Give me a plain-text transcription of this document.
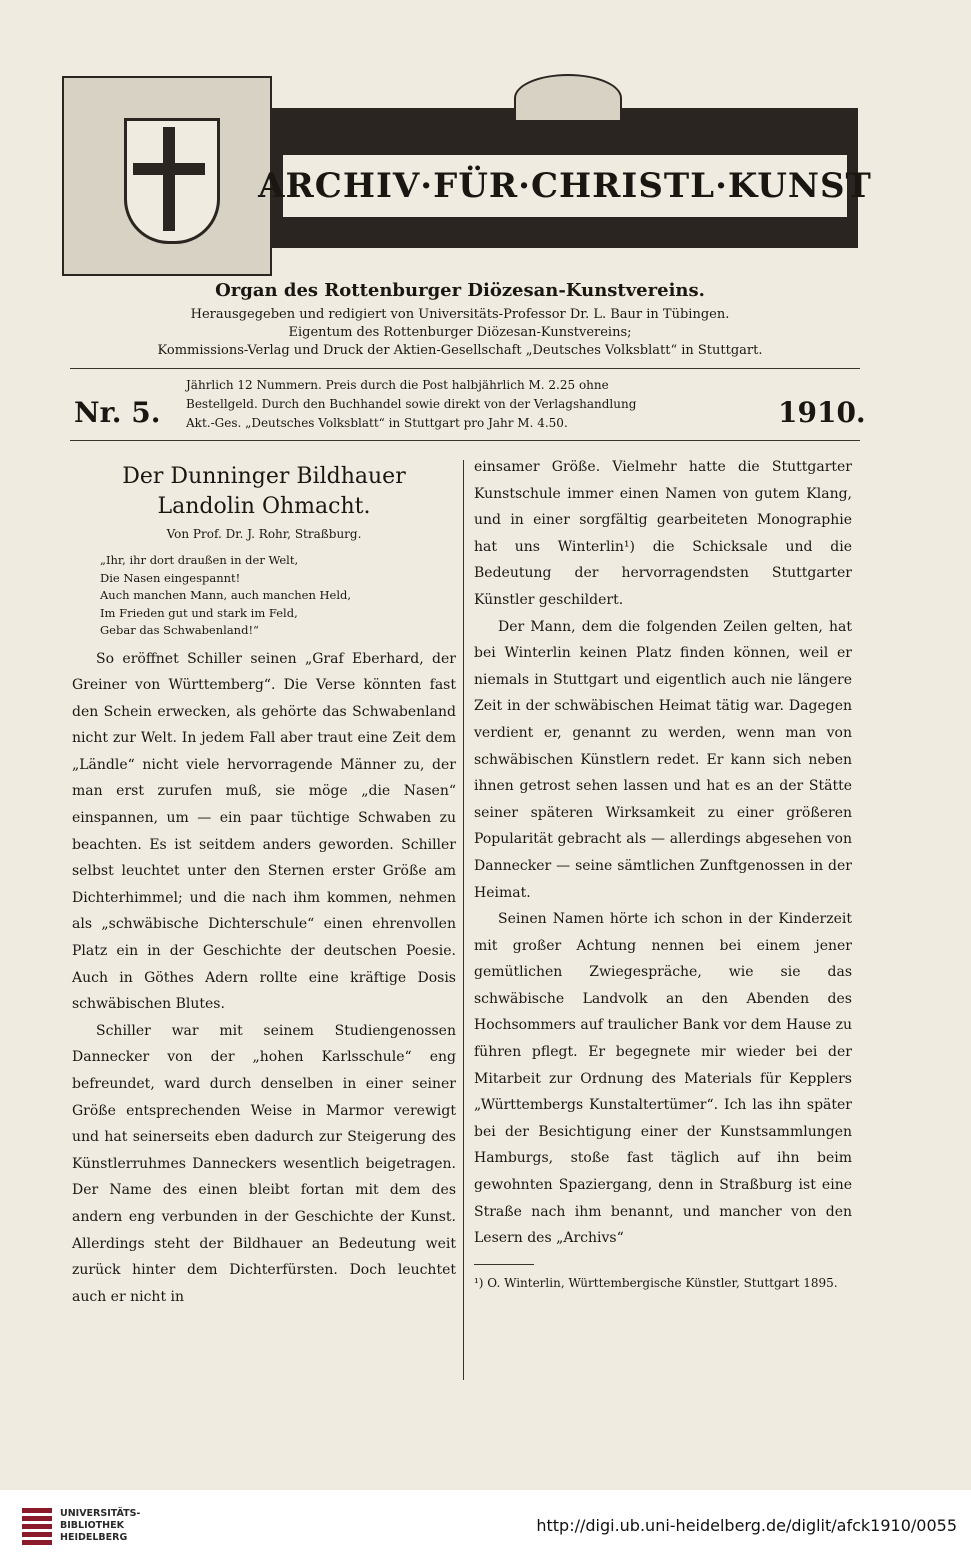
ARCHIV·FÜR·CHRISTL·KUNST
Organ des Rottenburger Diözesan-Kunstvereins.
Herausgegeben und redigiert von Universitäts-Professor Dr. L. Baur in Tübingen.
Eigentum des Rottenburger Diözesan-Kunstvereins;
Kommissions-Verlag und Druck der Aktien-Gesellschaft „Deutsches Volksblatt“ in Stuttgart.
Nr. 5.
Jährlich 12 Nummern. Preis durch die Post halbjährlich M. 2.25 ohne
Bestellgeld. Durch den Buchhandel sowie direkt von der Verlagshandlung
Akt.-Ges. „Deutsches Volksblatt“ in Stuttgart pro Jahr M. 4.50.	1910.
Der Dunninger Bildhauer
Landolin Ohmacht.
Von Prof. Dr. J. Rohr, Straßburg.
„Ihr, ihr dort draußen in der Welt,
Die Nasen eingespannt!
Auch manchen Mann, auch manchen Held,
Im Frieden gut und stark im Feld,
Gebar das Schwabenland!“

So eröffnet Schiller seinen „Graf Eberhard, der Greiner von Württemberg“. Die Verse könnten fast den Schein erwecken, als gehörte das Schwabenland nicht zur Welt. In jedem Fall aber traut eine Zeit dem „Ländle“ nicht viele hervorragende Männer zu, der man erst zurufen muß, sie möge „die Nasen“ einspannen, um — ein paar tüchtige Schwaben zu beachten. Es ist seitdem anders geworden. Schiller selbst leuchtet unter den Sternen erster Größe am Dichterhimmel; und die nach ihm kommen, nehmen als „schwäbische Dichterschule“ einen ehrenvollen Platz ein in der Geschichte der deutschen Poesie. Auch in Göthes Adern rollte eine kräftige Dosis schwäbischen Blutes.

Schiller war mit seinem Studiengenossen Dannecker von der „hohen Karlsschule“ eng befreundet, ward durch denselben in einer seiner Größe entsprechenden Weise in Marmor verewigt und hat seinerseits eben dadurch zur Steigerung des Künstlerruhmes Danneckers wesentlich beigetragen. Der Name des einen bleibt fortan mit dem des andern eng verbunden in der Geschichte der Kunst. Allerdings steht der Bildhauer an Bedeutung weit zurück hinter dem Dichterfürsten. Doch leuchtet auch er nicht in

einsamer Größe. Vielmehr hatte die Stuttgarter Kunstschule immer einen Namen von gutem Klang, und in einer sorgfältig gearbeiteten Monographie hat uns Winterlin¹) die Schicksale und die Bedeutung der hervorragendsten Stuttgarter Künstler geschildert.

Der Mann, dem die folgenden Zeilen gelten, hat bei Winterlin keinen Platz finden können, weil er niemals in Stuttgart und eigentlich auch nie längere Zeit in der schwäbischen Heimat tätig war. Dagegen verdient er, genannt zu werden, wenn man von schwäbischen Künstlern redet. Er kann sich neben ihnen getrost sehen lassen und hat es an der Stätte seiner späteren Wirksamkeit zu einer größeren Popularität gebracht als — allerdings abgesehen von Dannecker — seine sämtlichen Zunftgenossen in der Heimat.

Seinen Namen hörte ich schon in der Kinderzeit mit großer Achtung nennen bei einem jener gemütlichen Zwiegespräche, wie sie das schwäbische Landvolk an den Abenden des Hochsommers auf traulicher Bank vor dem Hause zu führen pflegt. Er begegnete mir wieder bei der Mitarbeit zur Ordnung des Materials für Kepplers „Württembergs Kunstaltertümer“. Ich las ihn später bei der Besichtigung einer der Kunstsammlungen Hamburgs, stoße fast täglich auf ihn beim gewohnten Spaziergang, denn in Straßburg ist eine Straße nach ihm benannt, und mancher von den Lesern des „Archivs“

¹) O. Winterlin, Württembergische Künstler, Stuttgart 1895.
UNIVERSITÄTS-
BIBLIOTHEK
HEIDELBERG
http://digi.ub.uni-heidelberg.de/diglit/afck1910/0055
